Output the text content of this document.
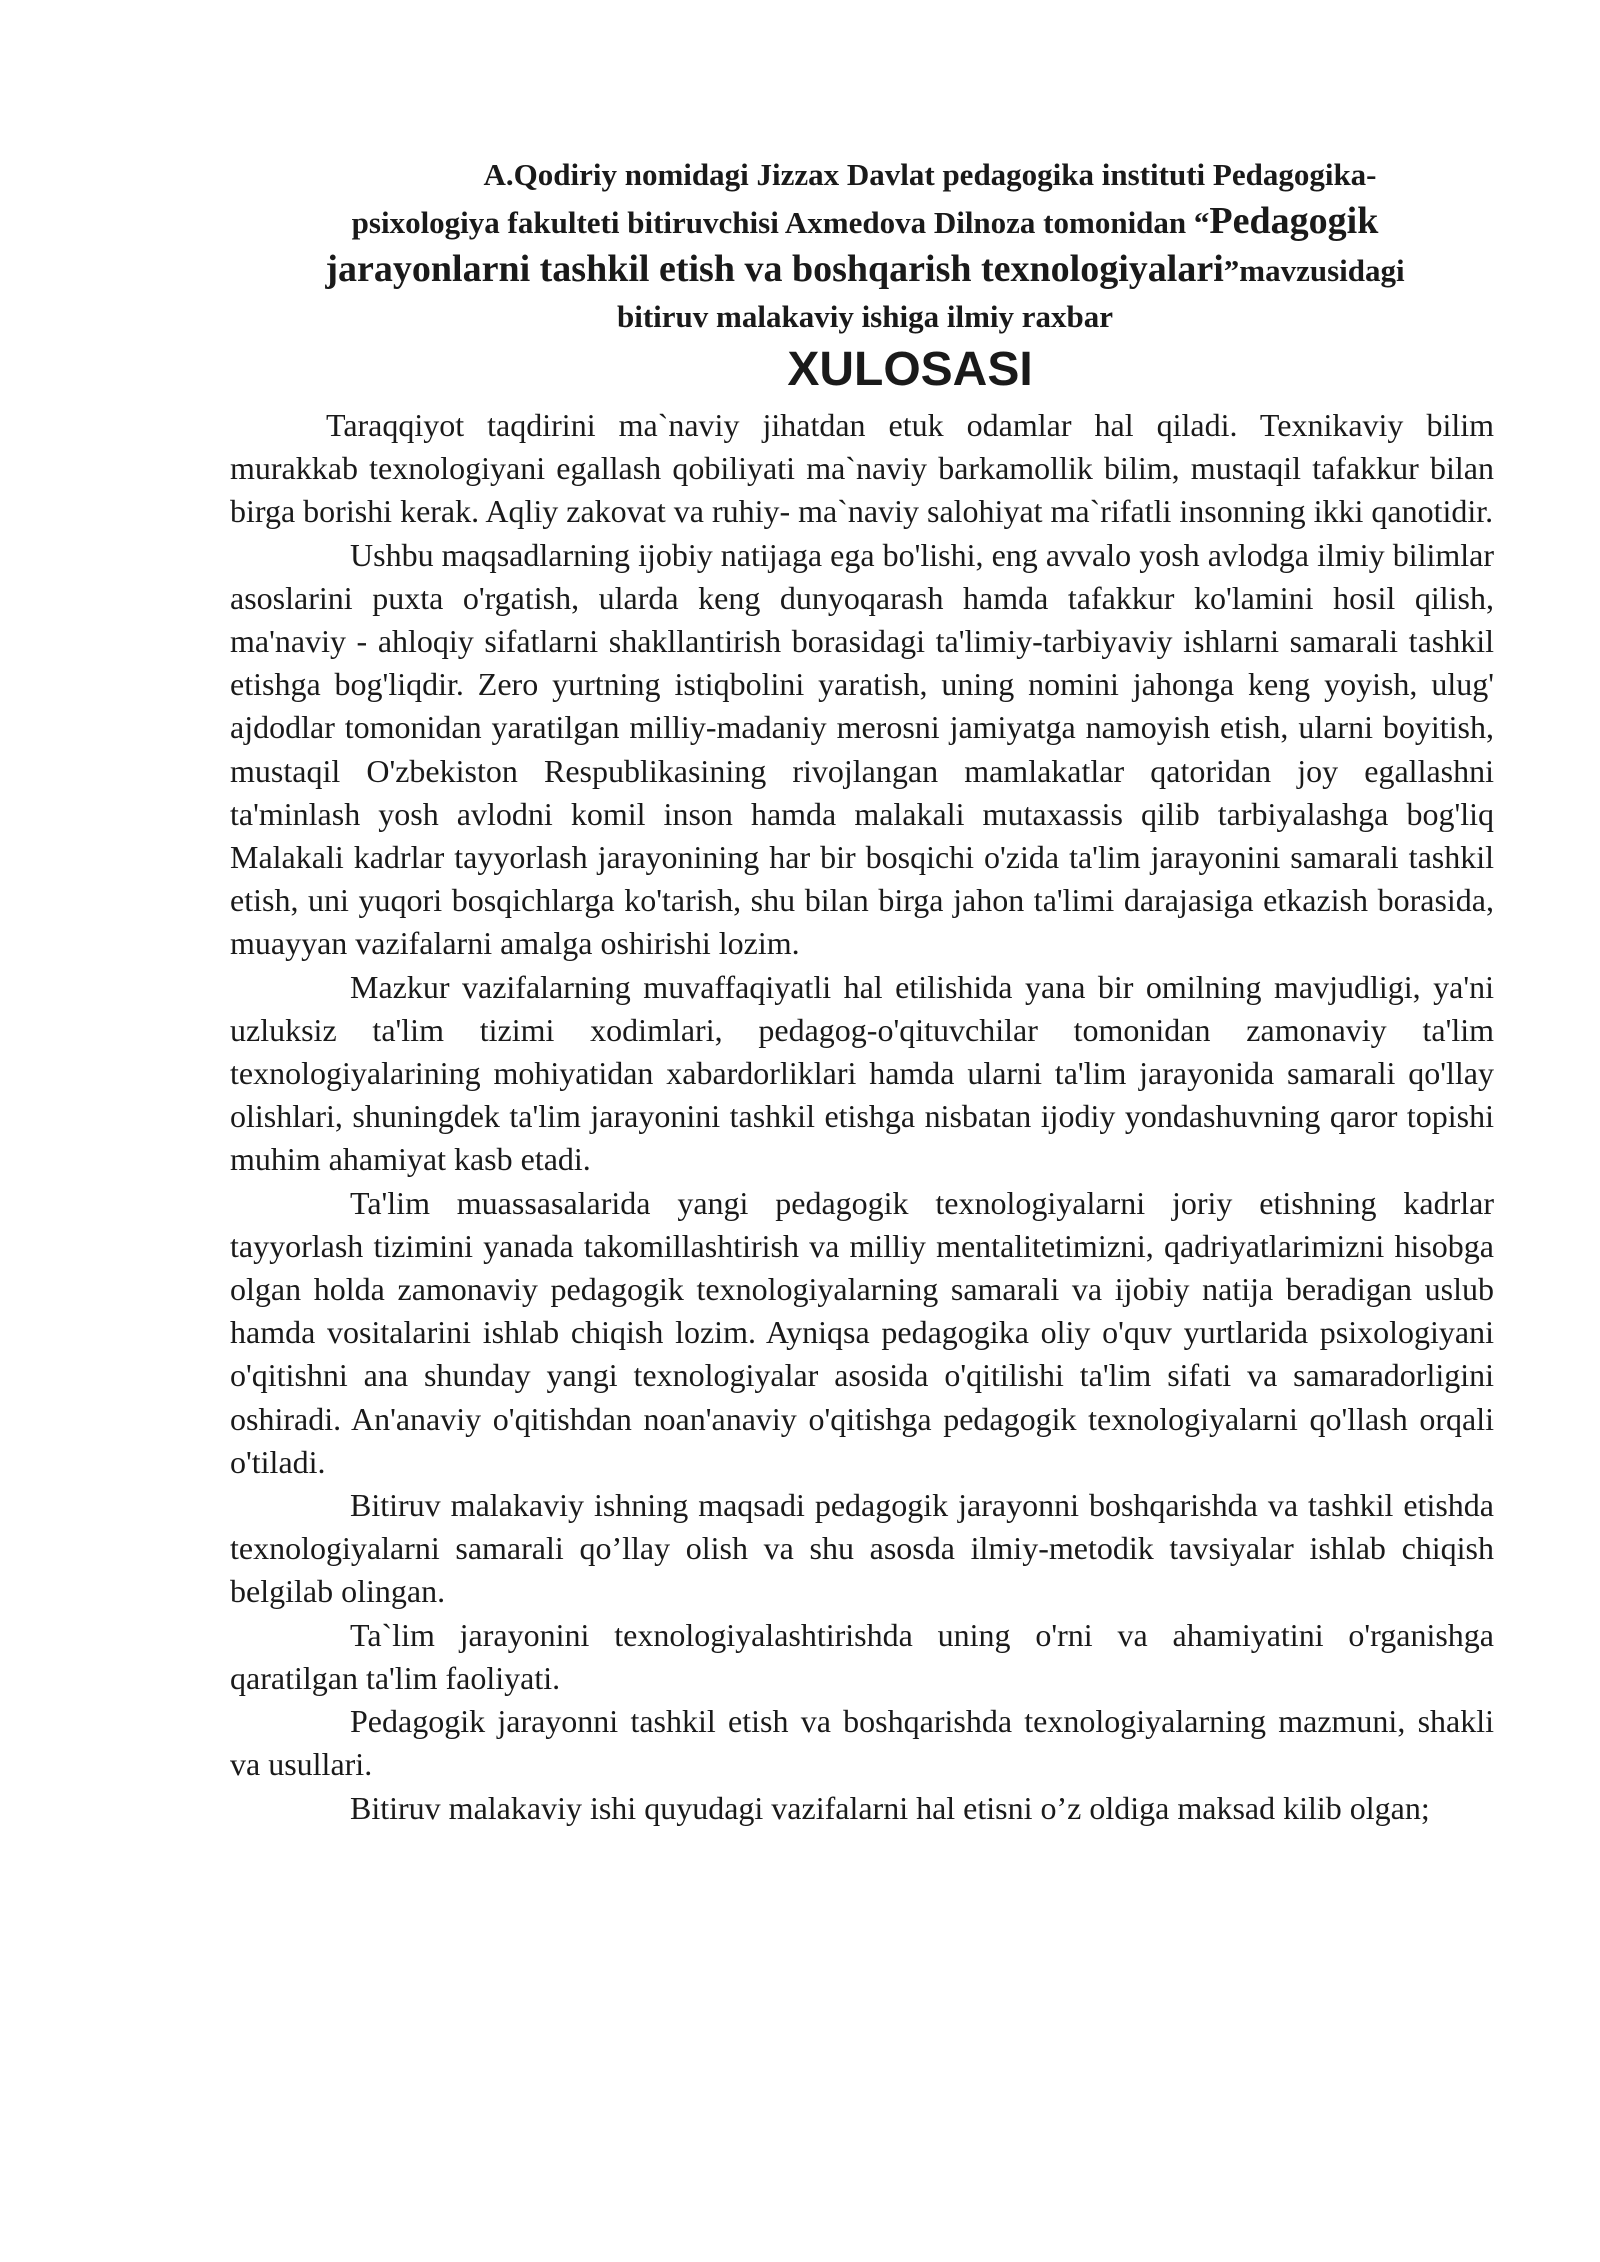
A.Qodiriy nomidagi Jizzax Davlat pedagogika instituti Pedagogika-
psixologiya fakulteti bitiruvchisi Axmedova Dilnoza tomonidan “Pedagogik
jarayonlarni tashkil etish va boshqarish texnologiyalari”mavzusidagi
bitiruv malakaviy ishiga ilmiy raxbar
XULOSASI

Taraqqiyot taqdirini ma`naviy jihatdan etuk odamlar hal qiladi. Texnikaviy bilim murakkab texnologiyani egallash qobiliyati ma`naviy barkamollik bilim, mustaqil tafakkur bilan birga borishi kerak. Aqliy zakovat va ruhiy- ma`naviy salohiyat ma`rifatli insonning ikki qanotidir.

Ushbu maqsadlarning ijobiy natijaga ega bo'lishi, eng avvalo yosh avlodga ilmiy bilimlar asoslarini puxta o'rgatish, ularda keng dunyoqarash hamda tafakkur ko'lamini hosil qilish, ma'naviy - ahloqiy sifatlarni shakllantirish borasidagi ta'limiy-tarbiyaviy ishlarni samarali tashkil etishga bog'liqdir. Zero yurtning istiqbolini yaratish, uning nomini jahonga keng yoyish, ulug' ajdodlar tomonidan yaratilgan milliy-madaniy merosni jamiyatga namoyish etish, ularni boyitish, mustaqil O'zbekiston Respublikasining rivojlangan mamlakatlar qatoridan joy egallashni ta'minlash yosh avlodni komil inson hamda malakali mutaxassis qilib tarbiyalashga bog'liq Malakali kadrlar tayyorlash jarayonining har bir bosqichi o'zida ta'lim jarayonini samarali tashkil etish, uni yuqori bosqichlarga ko'tarish, shu bilan birga jahon ta'limi darajasiga etkazish borasida, muayyan vazifalarni amalga oshirishi lozim.

Mazkur vazifalarning muvaffaqiyatli hal etilishida yana bir omilning mavjudligi, ya'ni uzluksiz ta'lim tizimi xodimlari, pedagog-o'qituvchilar tomonidan zamonaviy ta'lim texnologiyalarining mohiyatidan xabardorliklari hamda ularni ta'lim jarayonida samarali qo'llay olishlari, shuningdek ta'lim jarayonini tashkil etishga nisbatan ijodiy yondashuvning qaror topishi muhim ahamiyat kasb etadi.

Ta'lim muassasalarida yangi pedagogik texnologiyalarni joriy etishning kadrlar tayyorlash tizimini yanada takomillashtirish va milliy mentalitetimizni, qadriyatlarimizni hisobga olgan holda zamonaviy pedagogik texnologiyalarning samarali va ijobiy natija beradigan uslub hamda vositalarini ishlab chiqish lozim. Ayniqsa pedagogika oliy o'quv yurtlarida psixologiyani o'qitishni ana shunday yangi texnologiyalar asosida o'qitilishi ta'lim sifati va samaradorligini oshiradi. An'anaviy o'qitishdan noan'anaviy o'qitishga pedagogik texnologiyalarni qo'llash orqali o'tiladi.

Bitiruv malakaviy ishning maqsadi pedagogik jarayonni boshqarishda va tashkil etishda texnologiyalarni samarali qo’llay olish va shu asosda ilmiy-metodik tavsiyalar ishlab chiqish belgilab olingan.

Ta`lim jarayonini texnologiyalashtirishda uning o'rni va ahamiyatini o'rganishga qaratilgan ta'lim faoliyati.

Pedagogik jarayonni tashkil etish va boshqarishda texnologiyalarning mazmuni, shakli va usullari.

Bitiruv malakaviy ishi quyudagi vazifalarni hal etisni o’z oldiga maksad kilib olgan;
